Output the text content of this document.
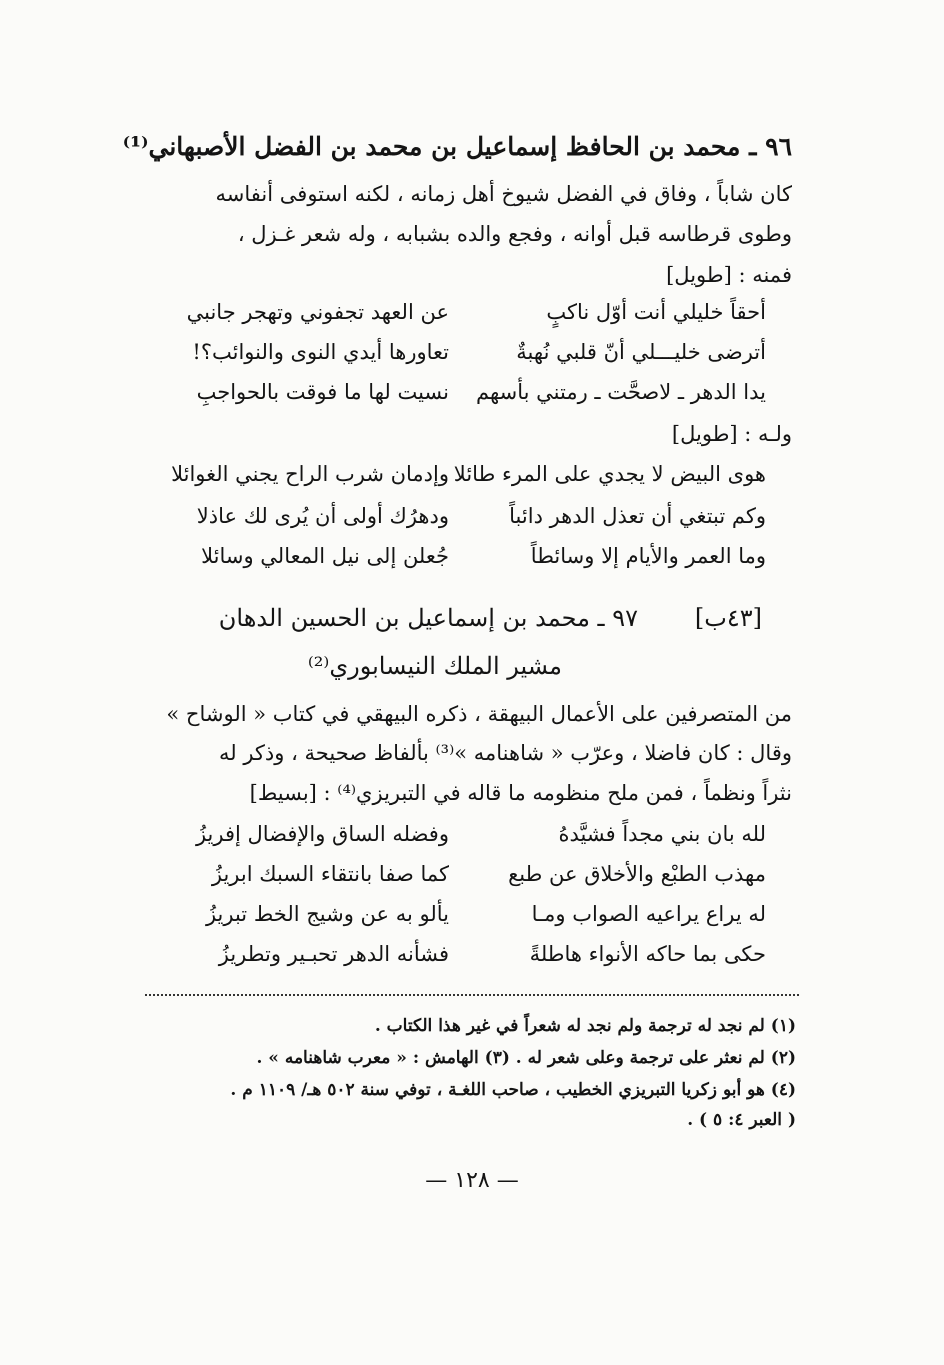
٩٦ ـ محمد بن الحافظ إسماعيل بن محمد بن الفضل الأصبهاني⁽¹⁾
كان شاباً ، وفاق في الفضل شيوخ أهل زمانه ، لكنه استوفى أنفاسه
وطوى قرطاسه قبل أوانه ، وفجع والده بشبابه ، وله شعر غـزل ،
فمنه : [طويل]
أحقاً خليلي أنت أوّل ناكبٍ
عن العهد تجفوني وتهجر جانبي
أترضى خليـــلي أنّ قلبي نُهبةٌ
تعاورها أيدي النوى والنوائب؟!
يدا الدهر ـ لاصحَّت ـ رمتني بأسهم
نسيت لها ما فوقت بالحواجبِ
ولـه : [طويل]
هوى البيض لا يجدي على المرء طائلا
وإدمان شرب الراح يجني الغوائلا
وكم تبتغي أن تعذل الدهر دائباً
ودهرُك أولى أن يُرى لك عاذلا
وما العمر والأيام إلا وسائطاً
جُعلن إلى نيل المعالي وسائلا
[٤٣ب]
٩٧ ـ محمد بن إسماعيل بن الحسين الدهان
مشير الملك النيسابوري⁽²⁾
من المتصرفين على الأعمال البيهقة ، ذكره البيهقي في كتاب « الوشاح »
وقال : كان فاضلا ، وعرّب « شاهنامه »⁽³⁾ بألفاظ صحيحة ، وذكر له
نثراً ونظماً ، فمن ملح منظومه ما قاله في التبريزي⁽⁴⁾ : [بسيط]
لله بان بني مجداً فشيَّدهُ
وفضله الساق والإفضال إفريزُ
مهذب الطبْع والأخلاق عن طبع
كما صفا بانتقاء السبك ابريزُ
له يراع يراعيه الصواب ومـا
يألو به عن وشيج الخط تبريزُ
حكى بما حاكه الأنواء هاطلةً
فشأنه الدهر تحبـير وتطريزُ
(١) لم نجد له ترجمة ولم نجد له شعراً في غير هذا الكتاب .
(٢) لم نعثر على ترجمة وعلى شعر له . (٣) الهامش : « معرب شاهنامه » .
(٤) هو أبو زكريا التبريزي الخطيب ، صاحب اللغـة ، توفي سنة ٥٠٢ هـ/ ١١٠٩ م .
( العبر ٤: ٥ ) .
— ١٢٨ —
